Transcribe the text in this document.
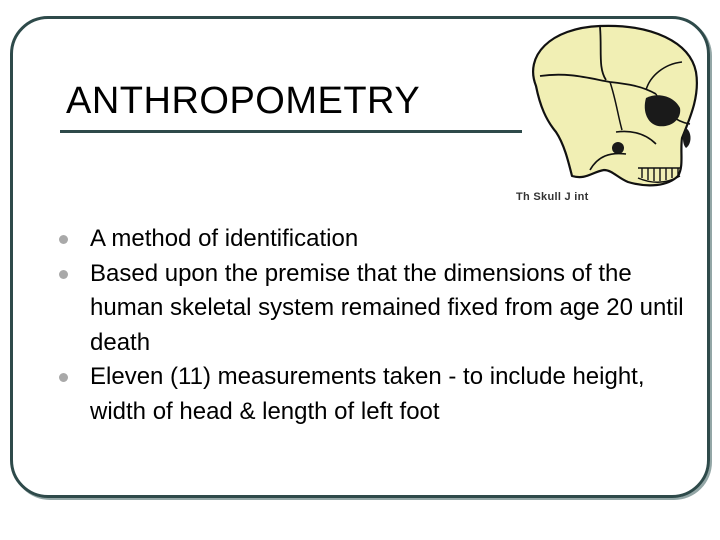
ANTHROPOMETRY
Th Skull J int
A method of identification
Based upon the premise that the dimensions of the human skeletal system remained fixed from age 20 until death
Eleven (11) measurements taken - to include height, width of head & length of left foot
